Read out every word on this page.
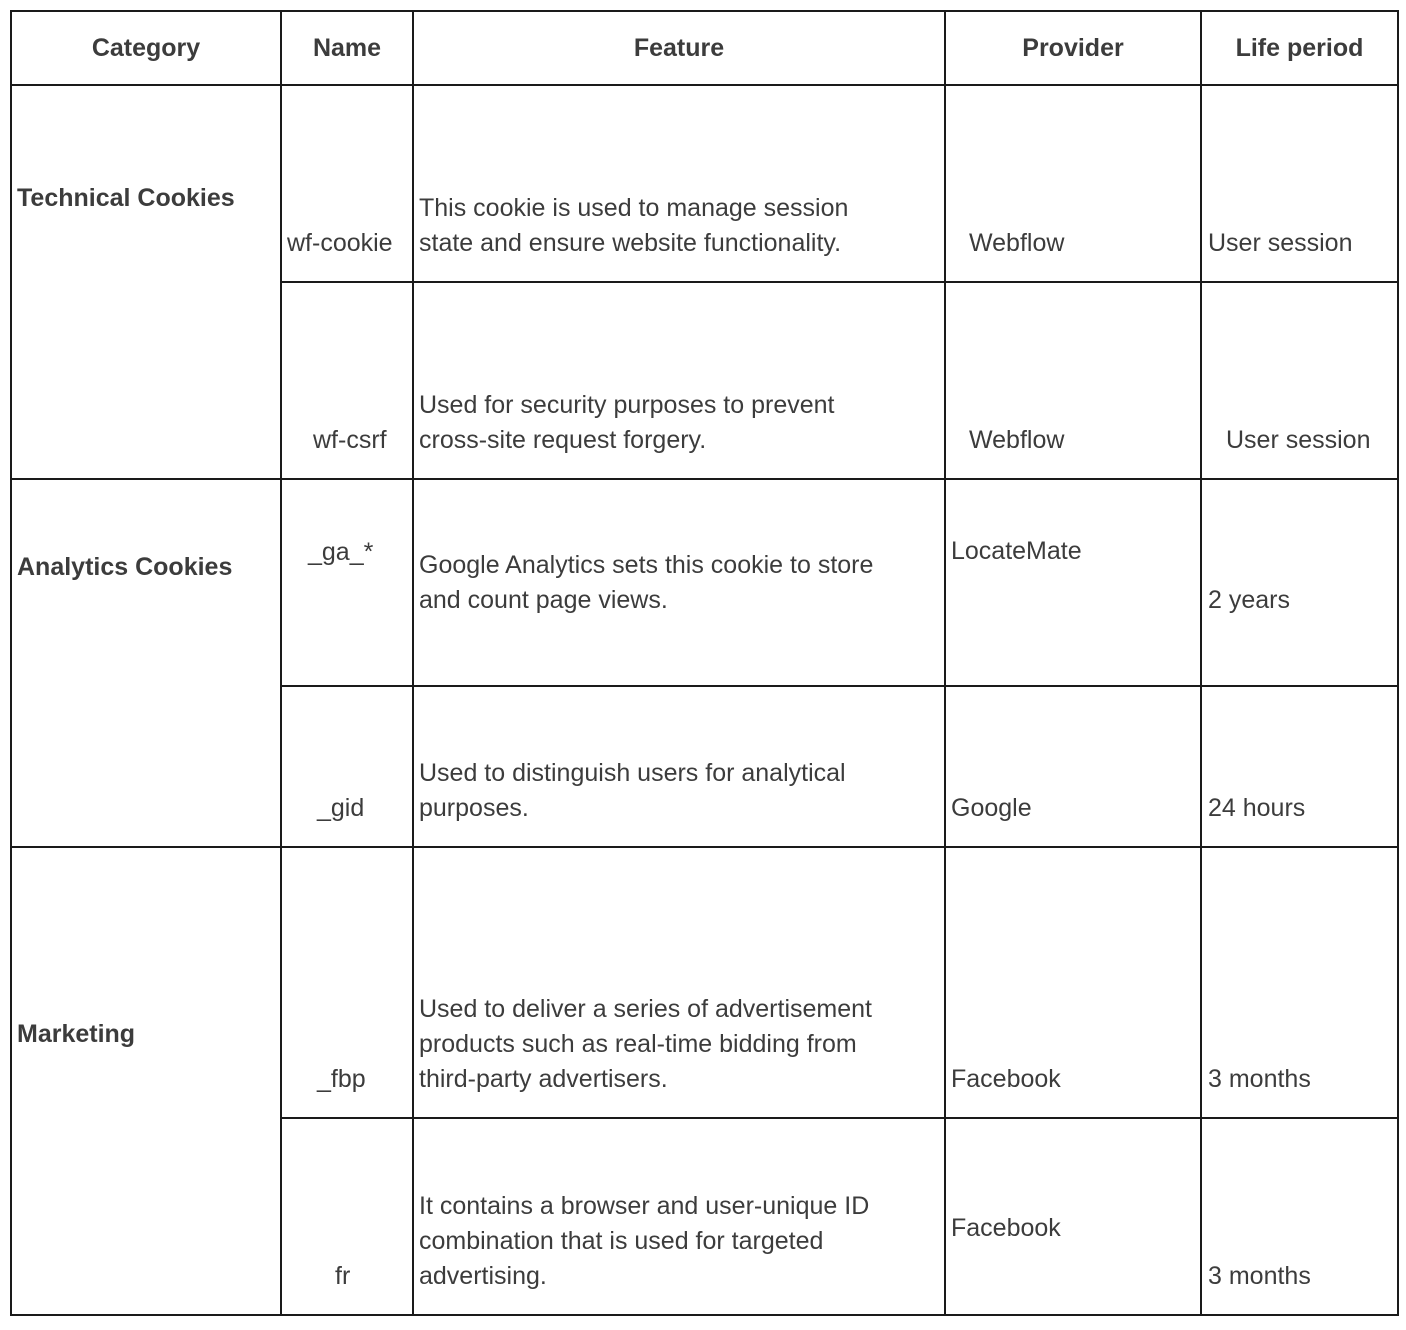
Category	Name	Feature	Provider	Life period

Technical Cookies	wf-cookie	This cookie is used to manage session
state and ensure website functionality.	Webflow	User session

	wf-csrf	Used for security purposes to prevent
cross-site request forgery.	Webflow	User session

Analytics Cookies	_ga_*	Google Analytics sets this cookie to store
and count page views.	LocateMate	2 years

	_gid	Used to distinguish users for analytical
purposes.	Google	24 hours

Marketing	_fbp	Used to deliver a series of advertisement
products such as real-time bidding from
third-party advertisers.	Facebook	3 months

	fr	It contains a browser and user-unique ID
combination that is used for targeted
advertising.	Facebook	3 months
